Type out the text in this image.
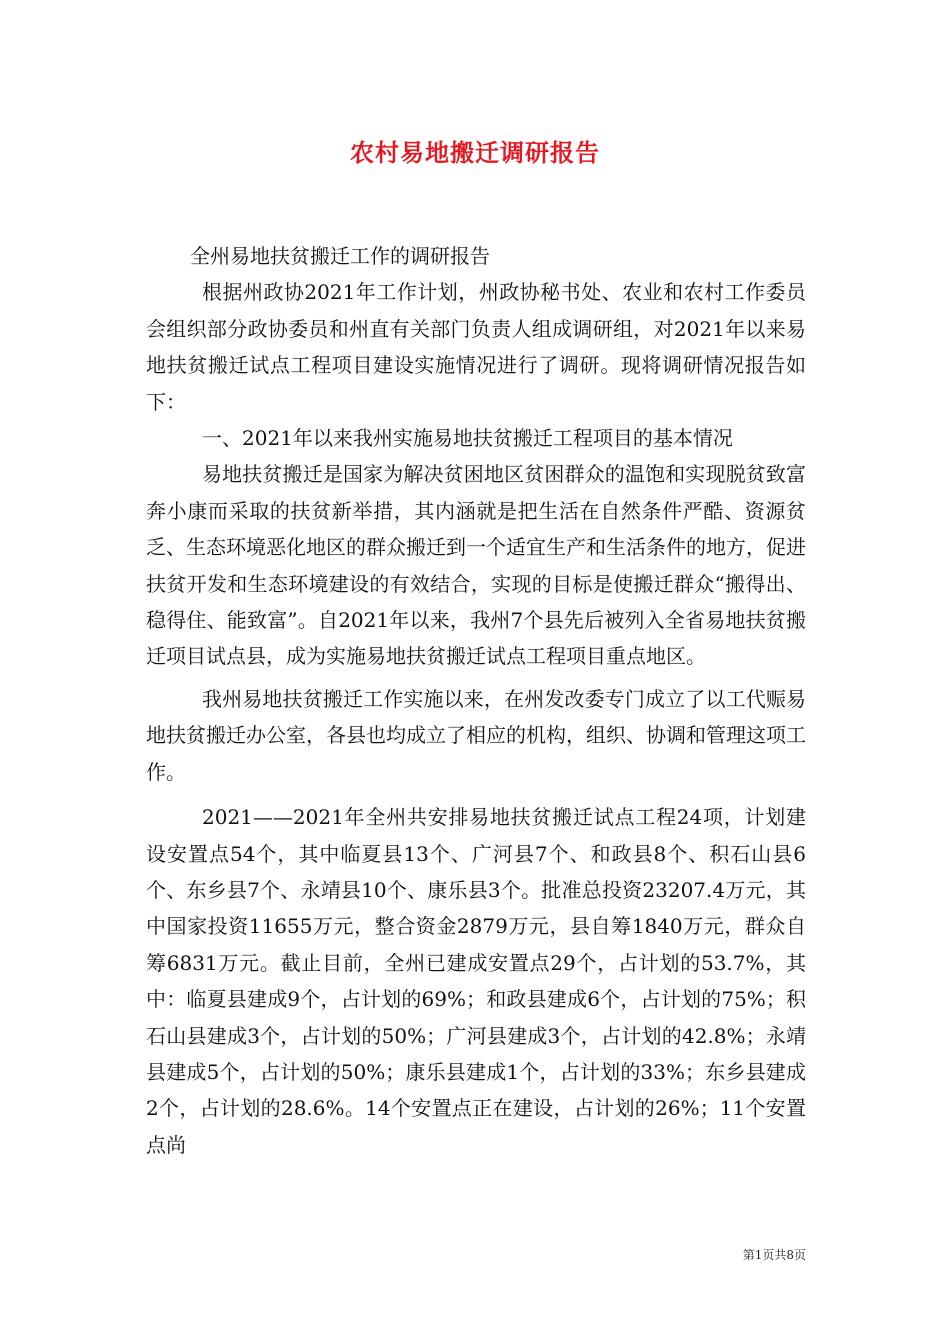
农村易地搬迁调研报告

全州易地扶贫搬迁工作的调研报告

根据州政协2021年工作计划，州政协秘书处、农业和农村工作委员会组织部分政协委员和州直有关部门负责人组成调研组，对2021年以来易地扶贫搬迁试点工程项目建设实施情况进行了调研。现将调研情况报告如下：

一、2021年以来我州实施易地扶贫搬迁工程项目的基本情况

易地扶贫搬迁是国家为解决贫困地区贫困群众的温饱和实现脱贫致富奔小康而采取的扶贫新举措，其内涵就是把生活在自然条件严酷、资源贫乏、生态环境恶化地区的群众搬迁到一个适宜生产和生活条件的地方，促进扶贫开发和生态环境建设的有效结合，实现的目标是使搬迁群众“搬得出、稳得住、能致富”。自2021年以来，我州7个县先后被列入全省易地扶贫搬迁项目试点县，成为实施易地扶贫搬迁试点工程项目重点地区。

我州易地扶贫搬迁工作实施以来，在州发改委专门成立了以工代赈易地扶贫搬迁办公室，各县也均成立了相应的机构，组织、协调和管理这项工作。

2021——2021年全州共安排易地扶贫搬迁试点工程24项，计划建设安置点54个，其中临夏县13个、广河县7个、和政县8个、积石山县6个、东乡县7个、永靖县10个、康乐县3个。批准总投资23207.4万元，其中国家投资11655万元，整合资金2879万元，县自筹1840万元，群众自筹6831万元。截止目前，全州已建成安置点29个，占计划的53.7%，其中：临夏县建成9个，占计划的69%；和政县建成6个，占计划的75%；积石山县建成3个，占计划的50%；广河县建成3个，占计划的42.8%；永靖县建成5个，占计划的50%；康乐县建成1个，占计划的33%；东乡县建成2个，占计划的28.6%。14个安置点正在建设，占计划的26%；11个安置点尚

第1页共8页
